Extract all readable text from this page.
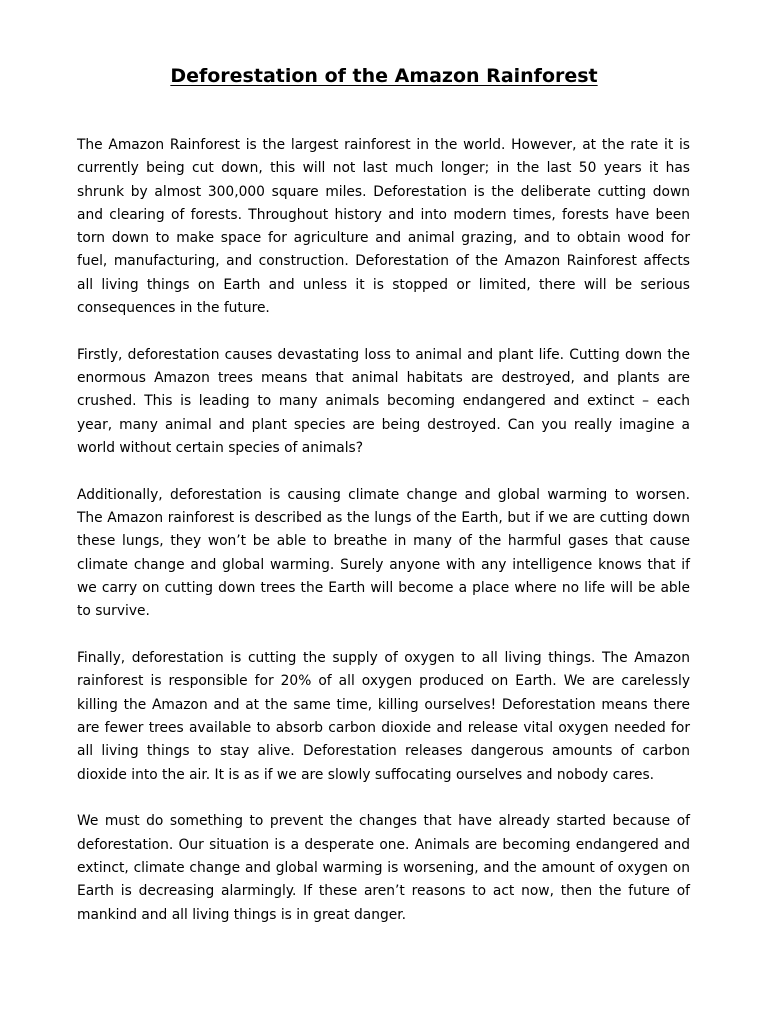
Deforestation of the Amazon Rainforest

The Amazon Rainforest is the largest rainforest in the world. However, at the rate it is currently being cut down, this will not last much longer; in the last 50 years it has shrunk by almost 300,000 square miles. Deforestation is the deliberate cutting down and clearing of forests. Throughout history and into modern times, forests have been torn down to make space for agriculture and animal grazing, and to obtain wood for fuel, manufacturing, and construction. Deforestation of the Amazon Rainforest affects all living things on Earth and unless it is stopped or limited, there will be serious consequences in the future.

Firstly, deforestation causes devastating loss to animal and plant life. Cutting down the enormous Amazon trees means that animal habitats are destroyed, and plants are crushed. This is leading to many animals becoming endangered and extinct – each year, many animal and plant species are being destroyed. Can you really imagine a world without certain species of animals?

Additionally, deforestation is causing climate change and global warming to worsen. The Amazon rainforest is described as the lungs of the Earth, but if we are cutting down these lungs, they won’t be able to breathe in many of the harmful gases that cause climate change and global warming. Surely anyone with any intelligence knows that if we carry on cutting down trees the Earth will become a place where no life will be able to survive.

Finally, deforestation is cutting the supply of oxygen to all living things. The Amazon rainforest is responsible for 20% of all oxygen produced on Earth. We are carelessly killing the Amazon and at the same time, killing ourselves! Deforestation means there are fewer trees available to absorb carbon dioxide and release vital oxygen needed for all living things to stay alive. Deforestation releases dangerous amounts of carbon dioxide into the air. It is as if we are slowly suffocating ourselves and nobody cares.

We must do something to prevent the changes that have already started because of deforestation. Our situation is a desperate one. Animals are becoming endangered and extinct, climate change and global warming is worsening, and the amount of oxygen on Earth is decreasing alarmingly. If these aren’t reasons to act now, then the future of mankind and all living things is in great danger.
